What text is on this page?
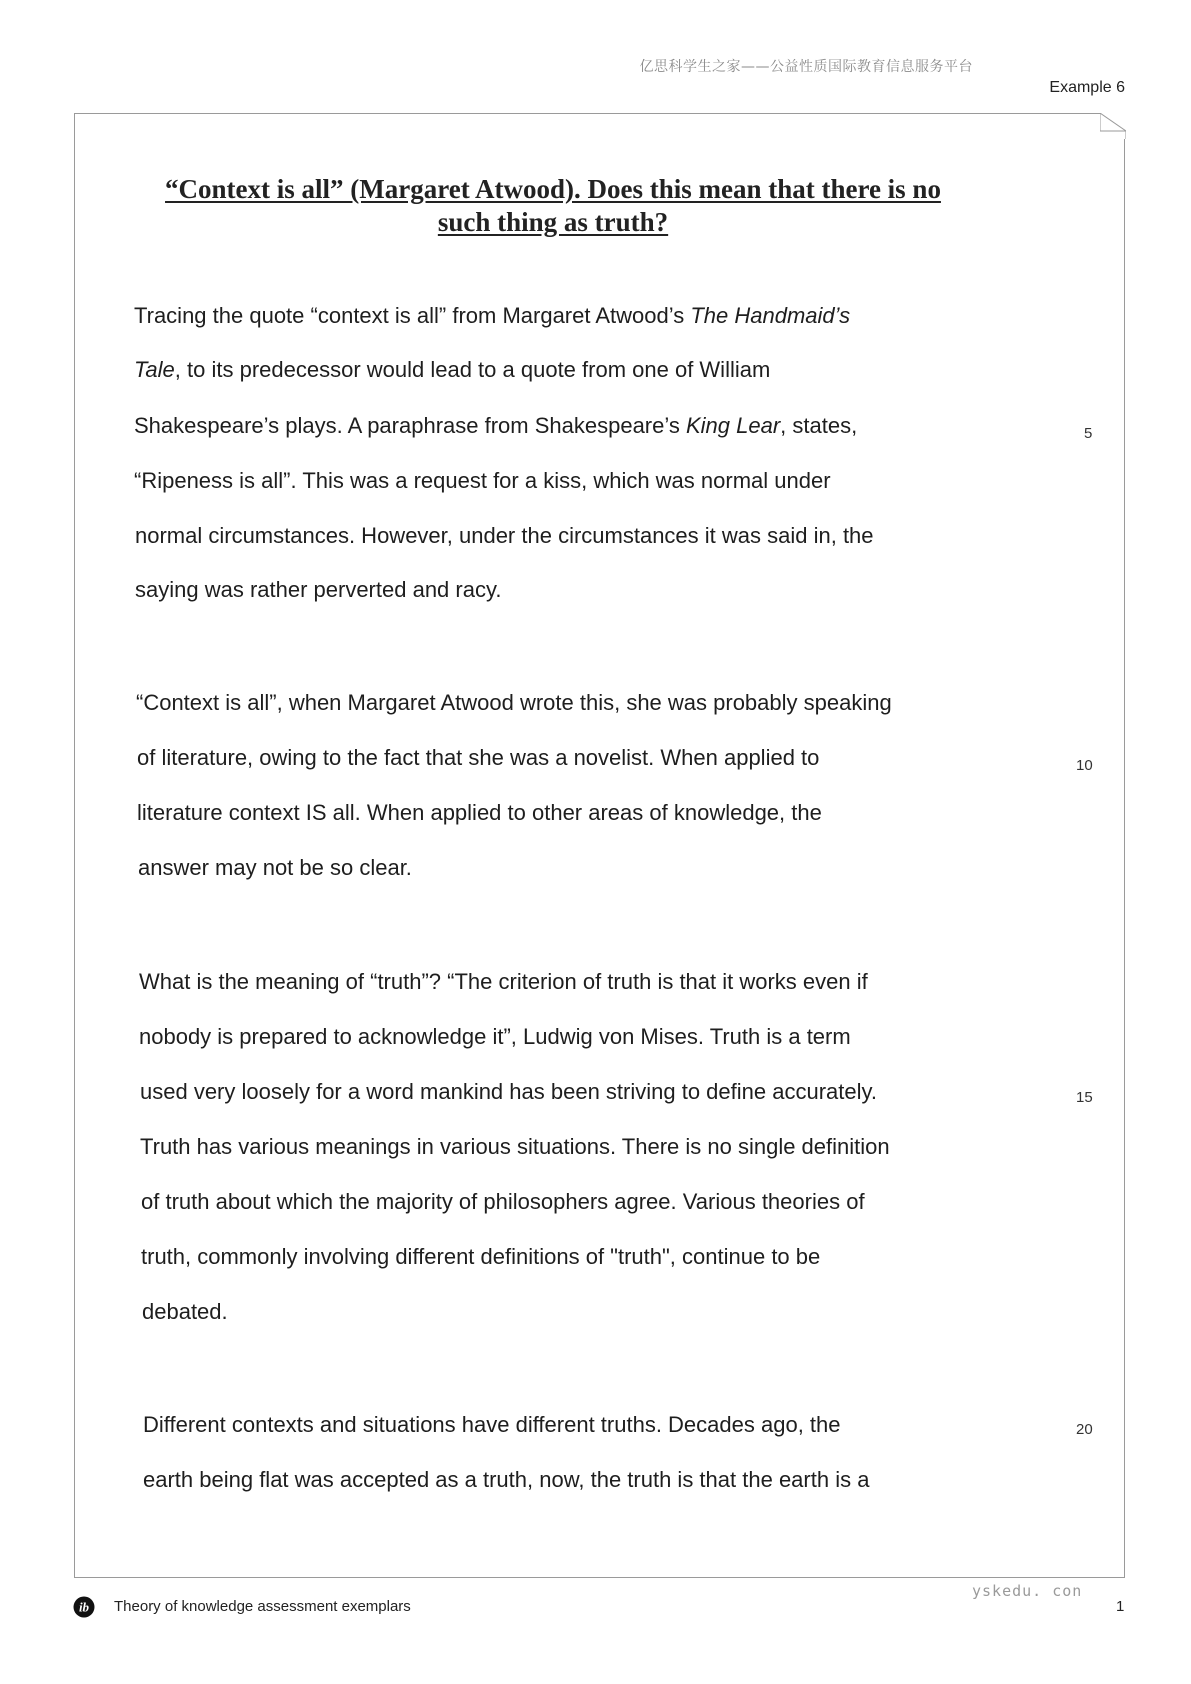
亿思科学生之家——公益性质国际教育信息服务平台
Example 6
“Context is all” (Margaret Atwood). Does this mean that there is no such thing as truth?

Tracing the quote “context is all” from Margaret Atwood’s The Handmaid’s

Tale, to its predecessor would lead to a quote from one of William

Shakespeare’s plays. A paraphrase from Shakespeare’s King Lear, states,

“Ripeness is all”. This was a request for a kiss, which was normal under

normal circumstances. However, under the circumstances it was said in, the

saying was rather perverted and racy.

“Context is all”, when Margaret Atwood wrote this, she was probably speaking

of literature, owing to the fact that she was a novelist. When applied to

literature context IS all. When applied to other areas of knowledge, the

answer may not be so clear.

What is the meaning of “truth”? “The criterion of truth is that it works even if

nobody is prepared to acknowledge it”, Ludwig von Mises. Truth is a term

used very loosely for a word mankind has been striving to define accurately.

Truth has various meanings in various situations. There is no single definition

of truth about which the majority of philosophers agree. Various theories of

truth, commonly involving different definitions of "truth", continue to be

debated.

Different contexts and situations have different truths. Decades ago, the

earth being flat was accepted as a truth, now, the truth is that the earth is a

5
10
15
20
yskedu. con
ib Theory of knowledge assessment exemplars	1
